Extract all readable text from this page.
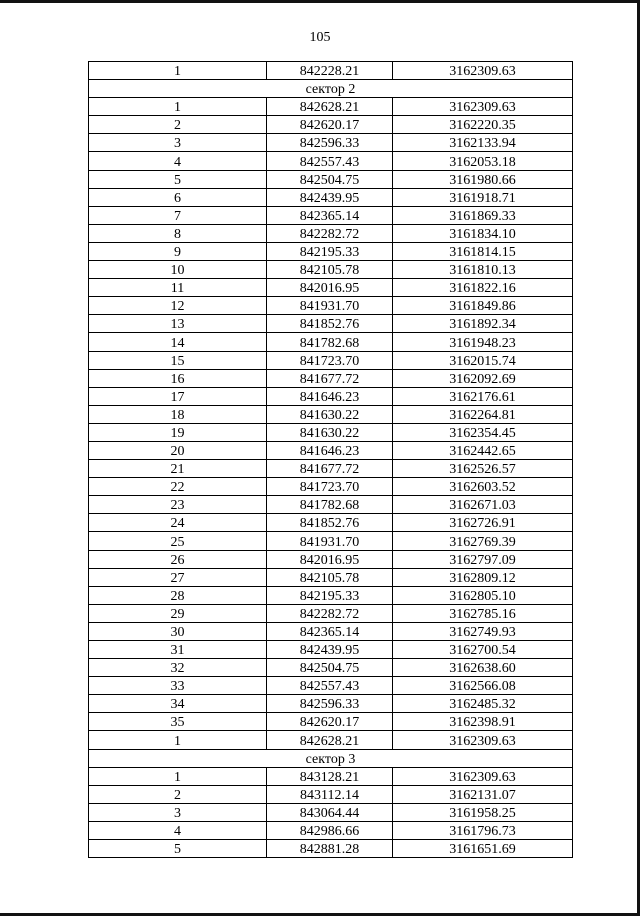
105
1	842228.21	3162309.63
сектор 2		
1	842628.21	3162309.63
2	842620.17	3162220.35
3	842596.33	3162133.94
4	842557.43	3162053.18
5	842504.75	3161980.66
6	842439.95	3161918.71
7	842365.14	3161869.33
8	842282.72	3161834.10
9	842195.33	3161814.15
10	842105.78	3161810.13
11	842016.95	3161822.16
12	841931.70	3161849.86
13	841852.76	3161892.34
14	841782.68	3161948.23
15	841723.70	3162015.74
16	841677.72	3162092.69
17	841646.23	3162176.61
18	841630.22	3162264.81
19	841630.22	3162354.45
20	841646.23	3162442.65
21	841677.72	3162526.57
22	841723.70	3162603.52
23	841782.68	3162671.03
24	841852.76	3162726.91
25	841931.70	3162769.39
26	842016.95	3162797.09
27	842105.78	3162809.12
28	842195.33	3162805.10
29	842282.72	3162785.16
30	842365.14	3162749.93
31	842439.95	3162700.54
32	842504.75	3162638.60
33	842557.43	3162566.08
34	842596.33	3162485.32
35	842620.17	3162398.91
1	842628.21	3162309.63
сектор 3		
1	843128.21	3162309.63
2	843112.14	3162131.07
3	843064.44	3161958.25
4	842986.66	3161796.73
5	842881.28	3161651.69
